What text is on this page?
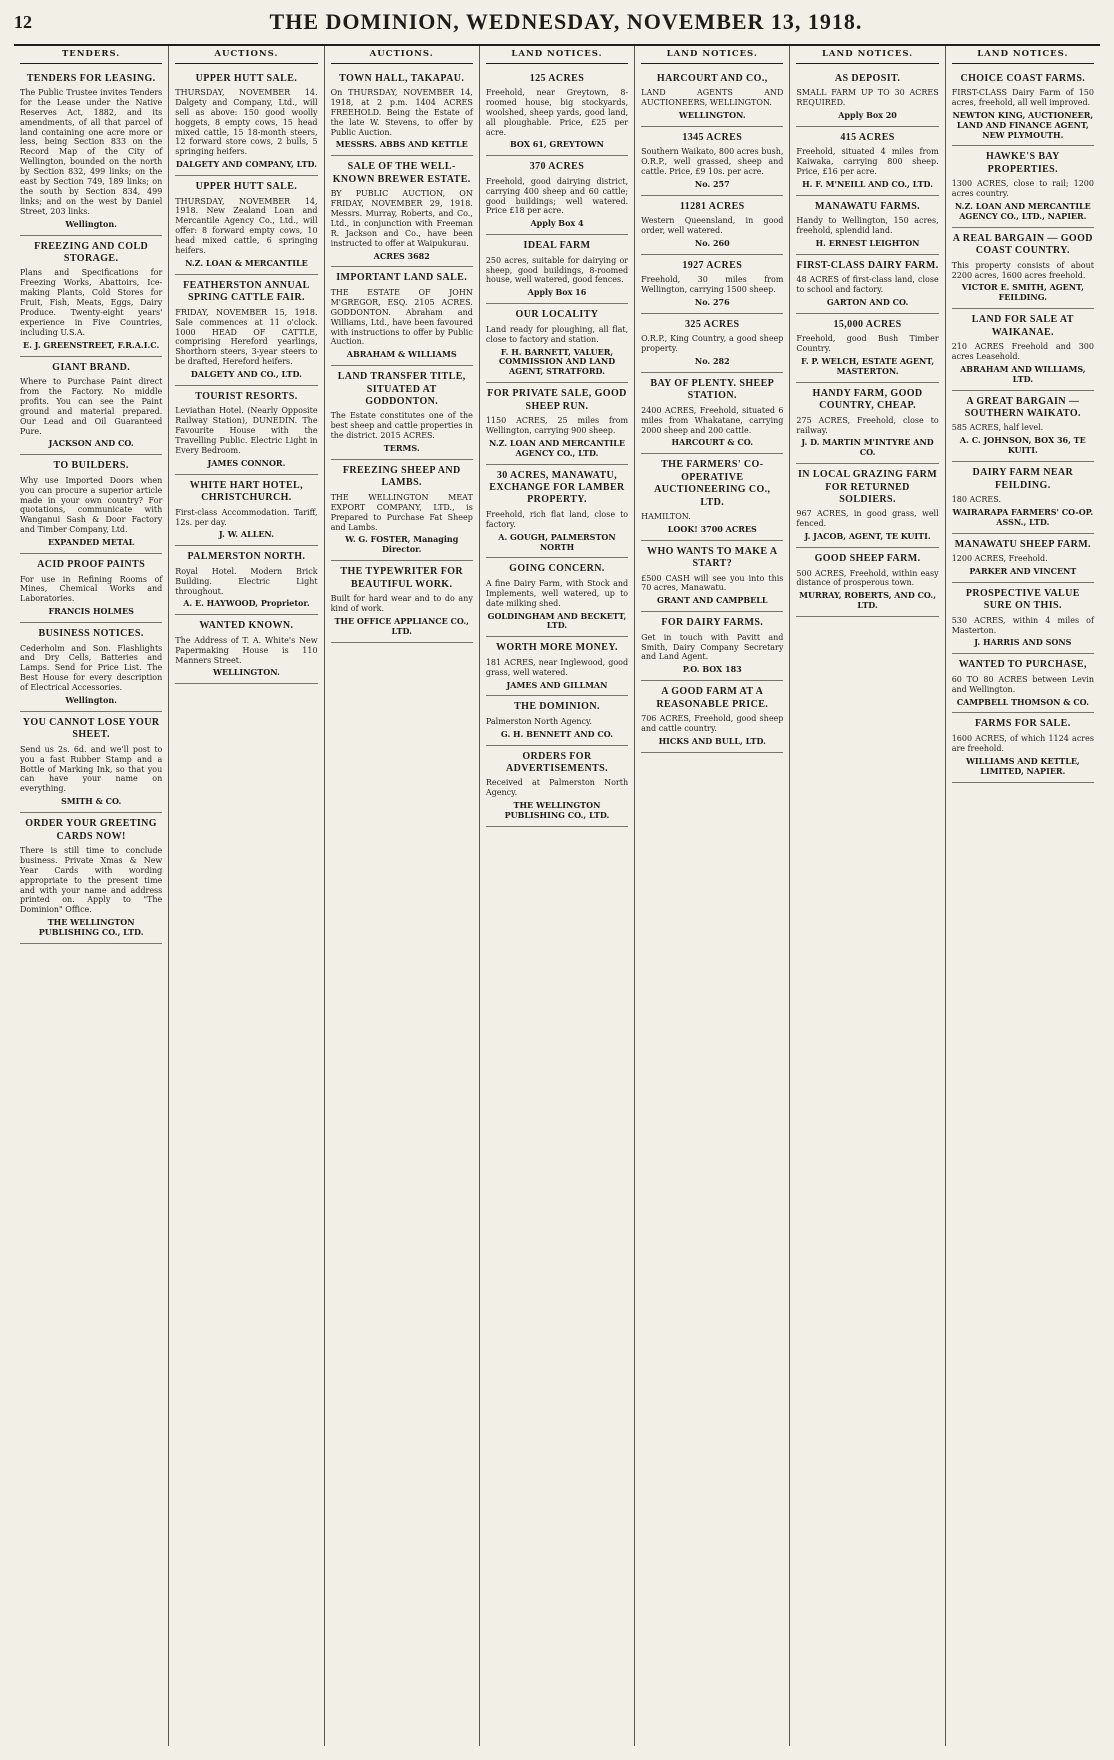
12	THE DOMINION, WEDNESDAY, NOVEMBER 13, 1918.
TENDERS.
TENDERS FOR LEASING.

The Public Trustee invites Tenders for the Lease under the Native Reserves Act, 1882, and its amendments, of all that parcel of land containing one acre more or less, being Section 833 on the Record Map of the City of Wellington, bounded on the north by Section 832, 499 links; on the east by Section 749, 189 links; on the south by Section 834, 499 links; and on the west by Daniel Street, 203 links.

Wellington.
FREEZING AND COLD STORAGE.

Plans and Specifications for Freezing Works, Abattoirs, Ice-making Plants, Cold Stores for Fruit, Fish, Meats, Eggs, Dairy Produce. Twenty-eight years' experience in Five Countries, including U.S.A.

E. J. GREENSTREET, F.R.A.I.C.
GIANT BRAND.

Where to Purchase Paint direct from the Factory. No middle profits. You can see the Paint ground and material prepared. Our Lead and Oil Guaranteed Pure.

JACKSON AND CO.
TO BUILDERS.

Why use Imported Doors when you can procure a superior article made in your own country? For quotations, communicate with Wanganui Sash & Door Factory and Timber Company, Ltd.

EXPANDED METAL
ACID PROOF PAINTS

For use in Refining Rooms of Mines, Chemical Works and Laboratories.

FRANCIS HOLMES
BUSINESS NOTICES.

Cederholm and Son. Flashlights and Dry Cells, Batteries and Lamps. Send for Price List. The Best House for every description of Electrical Accessories.

Wellington.
YOU CANNOT LOSE YOUR SHEET.

Send us 2s. 6d. and we'll post to you a fast Rubber Stamp and a Bottle of Marking Ink, so that you can have your name on everything.

SMITH & CO.
ORDER YOUR GREETING CARDS NOW!

There is still time to conclude business. Private Xmas & New Year Cards with wording appropriate to the present time and with your name and address printed on. Apply to "The Dominion" Office.

THE WELLINGTON PUBLISHING CO., LTD.
AUCTIONS.
UPPER HUTT SALE.

THURSDAY, NOVEMBER 14. Dalgety and Company, Ltd., will sell as above: 150 good woolly hoggets, 8 empty cows, 15 head mixed cattle, 15 18-month steers, 12 forward store cows, 2 bulls, 5 springing heifers.

DALGETY AND COMPANY, LTD.
UPPER HUTT SALE.

THURSDAY, NOVEMBER 14, 1918. New Zealand Loan and Mercantile Agency Co., Ltd., will offer: 8 forward empty cows, 10 head mixed cattle, 6 springing heifers.

N.Z. LOAN & MERCANTILE
FEATHERSTON ANNUAL SPRING CATTLE FAIR.

FRIDAY, NOVEMBER 15, 1918. Sale commences at 11 o'clock. 1000 HEAD OF CATTLE, comprising Hereford yearlings, Shorthorn steers, 3-year steers to be drafted, Hereford heifers.

DALGETY AND CO., LTD.
TOURIST RESORTS.

Leviathan Hotel. (Nearly Opposite Railway Station), DUNEDIN. The Favourite House with the Travelling Public. Electric Light in Every Bedroom.

JAMES CONNOR.
WHITE HART HOTEL, CHRISTCHURCH.

First-class Accommodation. Tariff, 12s. per day.

J. W. ALLEN.
PALMERSTON NORTH.

Royal Hotel. Modern Brick Building. Electric Light throughout.

A. E. HAYWOOD, Proprietor.
WANTED KNOWN.

The Address of T. A. White's New Papermaking House is 110 Manners Street.

WELLINGTON.
AUCTIONS.
TOWN HALL, TAKAPAU.

On THURSDAY, NOVEMBER 14, 1918, at 2 p.m. 1404 ACRES FREEHOLD. Being the Estate of the late W. Stevens, to offer by Public Auction.

MESSRS. ABBS AND KETTLE
SALE OF THE WELL-KNOWN BREWER ESTATE.

BY PUBLIC AUCTION, ON FRIDAY, NOVEMBER 29, 1918. Messrs. Murray, Roberts, and Co., Ltd., in conjunction with Freeman R. Jackson and Co., have been instructed to offer at Waipukurau.

ACRES 3682
IMPORTANT LAND SALE.

THE ESTATE OF JOHN M'GREGOR, ESQ. 2105 ACRES. GODDONTON. Abraham and Williams, Ltd., have been favoured with instructions to offer by Public Auction.

ABRAHAM & WILLIAMS
LAND TRANSFER TITLE, SITUATED AT GODDONTON.

The Estate constitutes one of the best sheep and cattle properties in the district. 2015 ACRES.

TERMS.
FREEZING SHEEP AND LAMBS.

THE WELLINGTON MEAT EXPORT COMPANY, LTD., is Prepared to Purchase Fat Sheep and Lambs.

W. G. FOSTER, Managing Director.
THE TYPEWRITER FOR BEAUTIFUL WORK.

Built for hard wear and to do any kind of work.

THE OFFICE APPLIANCE CO., LTD.
LAND NOTICES.
125 ACRES

Freehold, near Greytown, 8-roomed house, big stockyards, woolshed, sheep yards, good land, all ploughable. Price, £25 per acre.

BOX 61, GREYTOWN
370 ACRES

Freehold, good dairying district, carrying 400 sheep and 60 cattle; good buildings; well watered. Price £18 per acre.

Apply Box 4
IDEAL FARM

250 acres, suitable for dairying or sheep, good buildings, 8-roomed house, well watered, good fences.

Apply Box 16
OUR LOCALITY

Land ready for ploughing, all flat, close to factory and station.

F. H. BARNETT, VALUER, COMMISSION AND LAND AGENT, STRATFORD.
FOR PRIVATE SALE, GOOD SHEEP RUN.

1150 ACRES, 25 miles from Wellington, carrying 900 sheep.

N.Z. LOAN AND MERCANTILE AGENCY CO., LTD.
30 ACRES, MANAWATU, EXCHANGE FOR LAMBER PROPERTY.

Freehold, rich flat land, close to factory.

A. GOUGH, PALMERSTON NORTH
GOING CONCERN.

A fine Dairy Farm, with Stock and Implements, well watered, up to date milking shed.

GOLDINGHAM AND BECKETT, LTD.
WORTH MORE MONEY.

181 ACRES, near Inglewood, good grass, well watered.

JAMES AND GILLMAN
THE DOMINION.

Palmerston North Agency.

G. H. BENNETT AND CO.
ORDERS FOR ADVERTISEMENTS.

Received at Palmerston North Agency.

THE WELLINGTON PUBLISHING CO., LTD.
LAND NOTICES.
HARCOURT AND CO.,

LAND AGENTS AND AUCTIONEERS, WELLINGTON.

WELLINGTON.
1345 ACRES

Southern Waikato, 800 acres bush, O.R.P., well grassed, sheep and cattle. Price, £9 10s. per acre.

No. 257
11281 ACRES

Western Queensland, in good order, well watered.

No. 260
1927 ACRES

Freehold, 30 miles from Wellington, carrying 1500 sheep.

No. 276
325 ACRES

O.R.P., King Country, a good sheep property.

No. 282
BAY OF PLENTY. SHEEP STATION.

2400 ACRES, Freehold, situated 6 miles from Whakatane, carrying 2000 sheep and 200 cattle.

HARCOURT & CO.
THE FARMERS' CO-OPERATIVE AUCTIONEERING CO., LTD.

HAMILTON.

LOOK! 3700 ACRES
WHO WANTS TO MAKE A START?

£500 CASH will see you into this 70 acres, Manawatu.

GRANT AND CAMPBELL
FOR DAIRY FARMS.

Get in touch with Pavitt and Smith, Dairy Company Secretary and Land Agent.

P.O. BOX 183
A GOOD FARM AT A REASONABLE PRICE.

706 ACRES, Freehold, good sheep and cattle country.

HICKS AND BULL, LTD.
LAND NOTICES.
AS DEPOSIT.

SMALL FARM UP TO 30 ACRES REQUIRED.

Apply Box 20
415 ACRES

Freehold, situated 4 miles from Kaiwaka, carrying 800 sheep. Price, £16 per acre.

H. F. M'NEILL AND CO., LTD.
MANAWATU FARMS.

Handy to Wellington, 150 acres, freehold, splendid land.

H. ERNEST LEIGHTON
FIRST-CLASS DAIRY FARM.

48 ACRES of first-class land, close to school and factory.

GARTON AND CO.
15,000 ACRES

Freehold, good Bush Timber Country.

F. P. WELCH, ESTATE AGENT, MASTERTON.
HANDY FARM, GOOD COUNTRY, CHEAP.

275 ACRES, Freehold, close to railway.

J. D. MARTIN M'INTYRE AND CO.
IN LOCAL GRAZING FARM FOR RETURNED SOLDIERS.

967 ACRES, in good grass, well fenced.

J. JACOB, AGENT, TE KUITI.
GOOD SHEEP FARM.

500 ACRES, Freehold, within easy distance of prosperous town.

MURRAY, ROBERTS, AND CO., LTD.
LAND NOTICES.
CHOICE COAST FARMS.

FIRST-CLASS Dairy Farm of 150 acres, freehold, all well improved.

NEWTON KING, AUCTIONEER, LAND AND FINANCE AGENT, NEW PLYMOUTH.
HAWKE'S BAY PROPERTIES.

1300 ACRES, close to rail; 1200 acres country.

N.Z. LOAN AND MERCANTILE AGENCY CO., LTD., NAPIER.
A REAL BARGAIN — GOOD COAST COUNTRY.

This property consists of about 2200 acres, 1600 acres freehold.

VICTOR E. SMITH, AGENT, FEILDING.
LAND FOR SALE AT WAIKANAE.

210 ACRES Freehold and 300 acres Leasehold.

ABRAHAM AND WILLIAMS, LTD.
A GREAT BARGAIN — SOUTHERN WAIKATO.

585 ACRES, half level.

A. C. JOHNSON, BOX 36, TE KUITI.
DAIRY FARM NEAR FEILDING.

180 ACRES.

WAIRARAPA FARMERS' CO-OP. ASSN., LTD.
MANAWATU SHEEP FARM.

1200 ACRES, Freehold.

PARKER AND VINCENT
PROSPECTIVE VALUE SURE ON THIS.

530 ACRES, within 4 miles of Masterton.

J. HARRIS AND SONS
WANTED TO PURCHASE,

60 TO 80 ACRES between Levin and Wellington.

CAMPBELL THOMSON & CO.
FARMS FOR SALE.

1600 ACRES, of which 1124 acres are freehold.

WILLIAMS AND KETTLE, LIMITED, NAPIER.
